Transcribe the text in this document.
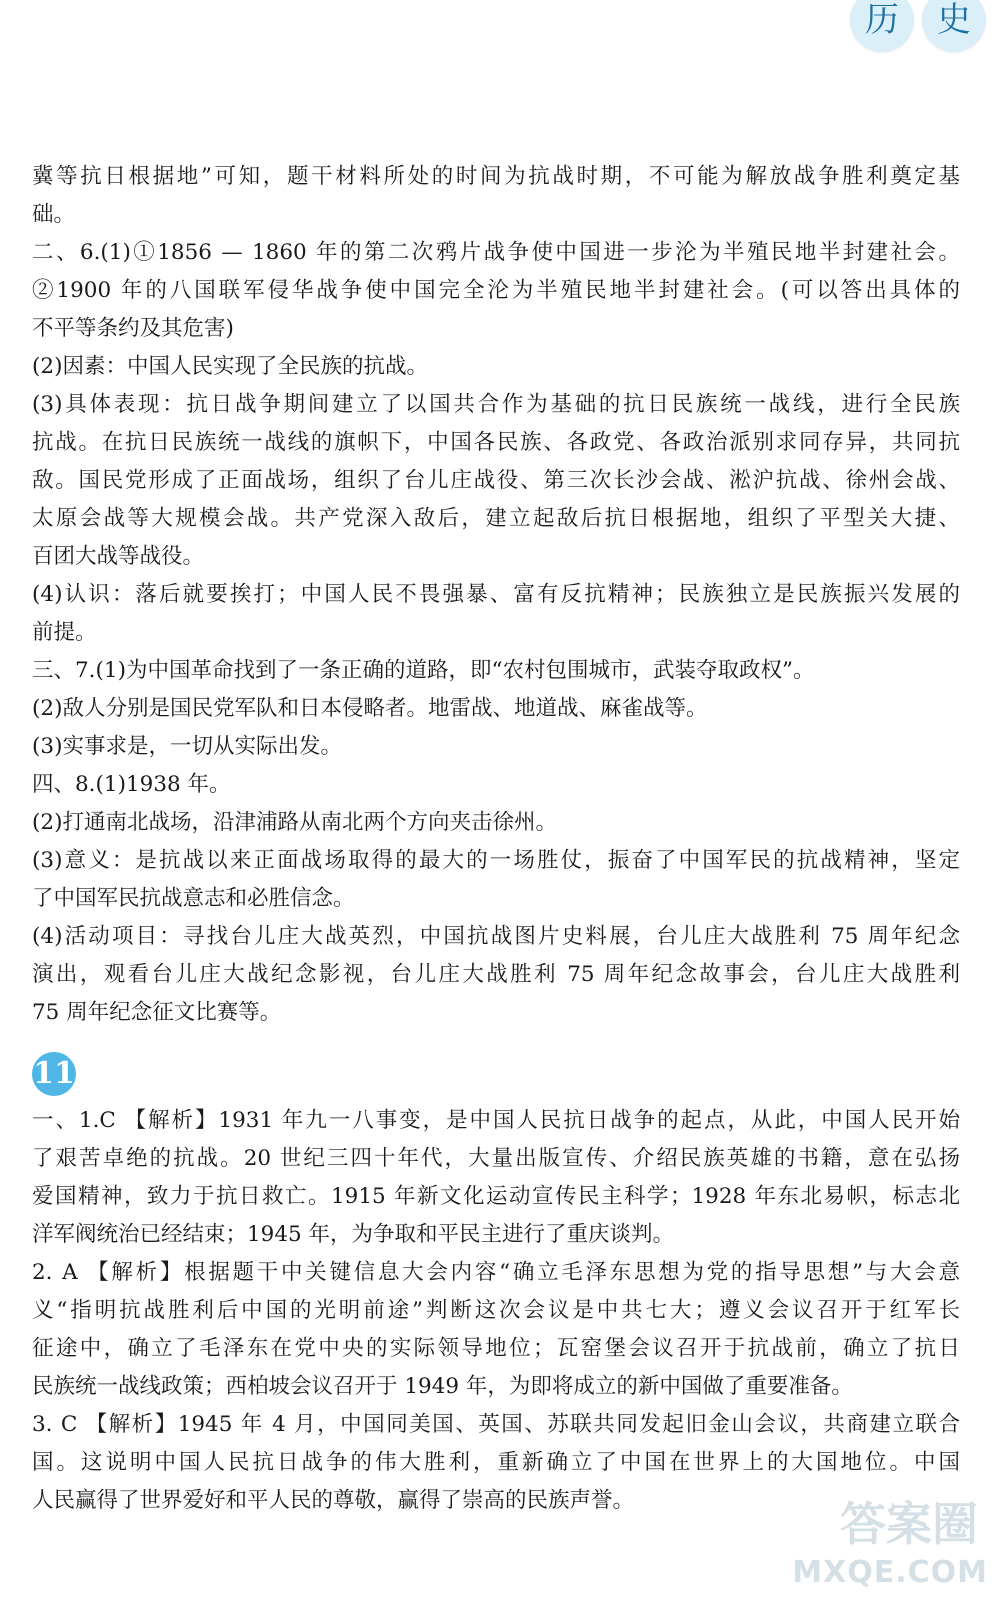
历	史
冀等抗日根据地”可知，题干材料所处的时间为抗战时期，不可能为解放战争胜利奠定基
础。
二、6.(1)①1856 — 1860 年的第二次鸦片战争使中国进一步沦为半殖民地半封建社会。
②1900 年的八国联军侵华战争使中国完全沦为半殖民地半封建社会。(可以答出具体的
不平等条约及其危害)
(2)因素：中国人民实现了全民族的抗战。
(3)具体表现：抗日战争期间建立了以国共合作为基础的抗日民族统一战线，进行全民族
抗战。在抗日民族统一战线的旗帜下，中国各民族、各政党、各政治派别求同存异，共同抗
敌。国民党形成了正面战场，组织了台儿庄战役、第三次长沙会战、淞沪抗战、徐州会战、
太原会战等大规模会战。共产党深入敌后，建立起敌后抗日根据地，组织了平型关大捷、
百团大战等战役。
(4)认识：落后就要挨打；中国人民不畏强暴、富有反抗精神；民族独立是民族振兴发展的
前提。
三、7.(1)为中国革命找到了一条正确的道路，即“农村包围城市，武装夺取政权”。
(2)敌人分别是国民党军队和日本侵略者。地雷战、地道战、麻雀战等。
(3)实事求是，一切从实际出发。
四、8.(1)1938 年。
(2)打通南北战场，沿津浦路从南北两个方向夹击徐州。
(3)意义：是抗战以来正面战场取得的最大的一场胜仗，振奋了中国军民的抗战精神，坚定
了中国军民抗战意志和必胜信念。
(4)活动项目：寻找台儿庄大战英烈，中国抗战图片史料展，台儿庄大战胜利 75 周年纪念
演出，观看台儿庄大战纪念影视，台儿庄大战胜利 75 周年纪念故事会，台儿庄大战胜利
75 周年纪念征文比赛等。
11
一、1.C 【解析】1931 年九一八事变，是中国人民抗日战争的起点，从此，中国人民开始
了艰苦卓绝的抗战。20 世纪三四十年代，大量出版宣传、介绍民族英雄的书籍，意在弘扬
爱国精神，致力于抗日救亡。1915 年新文化运动宣传民主科学；1928 年东北易帜，标志北
洋军阀统治已经结束；1945 年，为争取和平民主进行了重庆谈判。
2. A 【解析】根据题干中关键信息大会内容“确立毛泽东思想为党的指导思想”与大会意
义“指明抗战胜利后中国的光明前途”判断这次会议是中共七大；遵义会议召开于红军长
征途中，确立了毛泽东在党中央的实际领导地位；瓦窑堡会议召开于抗战前，确立了抗日
民族统一战线政策；西柏坡会议召开于 1949 年，为即将成立的新中国做了重要准备。
3. C 【解析】1945 年 4 月，中国同美国、英国、苏联共同发起旧金山会议，共商建立联合
国。这说明中国人民抗日战争的伟大胜利，重新确立了中国在世界上的大国地位。中国
人民赢得了世界爱好和平人民的尊敬，赢得了崇高的民族声誉。	答案圈
MXQE.COM
